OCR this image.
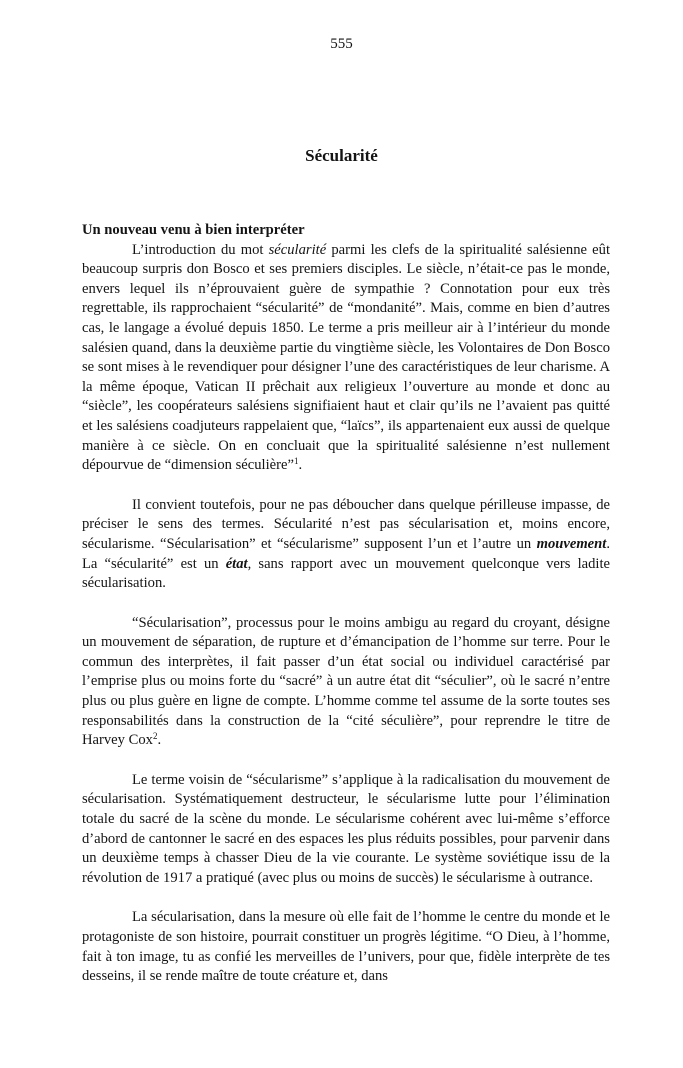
555
Sécularité
Un nouveau venu à bien interpréter

L’introduction du mot sécularité parmi les clefs de la spiritualité salésienne eût beaucoup surpris don Bosco et ses premiers disciples. Le siècle, n’était-ce pas le monde, envers lequel ils n’éprouvaient guère de sympathie ? Connotation pour eux très regrettable, ils rapprochaient “sécularité” de “mondanité”. Mais, comme en bien d’autres cas, le langage a évolué depuis 1850. Le terme a pris meilleur air à l’intérieur du monde salésien quand, dans la deuxième partie du vingtième siècle, les Volontaires de Don Bosco se sont mises à le revendiquer pour désigner l’une des caractéristiques de leur charisme. A la même époque, Vatican II prêchait aux religieux l’ouverture au monde et donc au “siècle”, les coopérateurs salésiens signifiaient haut et clair qu’ils ne l’avaient pas quitté et les salésiens coadjuteurs rappelaient que, “laïcs”, ils appartenaient eux aussi de quelque manière à ce siècle. On en concluait que la spiritualité salésienne n’est nullement dépourvue de “dimension séculière”$^1$.

Il convient toutefois, pour ne pas déboucher dans quelque périlleuse impasse, de préciser le sens des termes. Sécularité n’est pas sécularisation et, moins encore, sécularisme. “Sécularisation” et “sécularisme” supposent l’un et l’autre un mouvement. La “sécularité” est un état, sans rapport avec un mouvement quelconque vers ladite sécularisation.

“Sécularisation”, processus pour le moins ambigu au regard du croyant, désigne un mouvement de séparation, de rupture et d’émancipation de l’homme sur terre. Pour le commun des interprètes, il fait passer d’un état social ou individuel caractérisé par l’emprise plus ou moins forte du “sacré” à un autre état dit “séculier”, où le sacré n’entre plus ou plus guère en ligne de compte. L’homme comme tel assume de la sorte toutes ses responsabilités dans la construction de la “cité séculière”, pour reprendre le titre de Harvey Cox$^2$.

Le terme voisin de “sécularisme” s’applique à la radicalisation du mouvement de sécularisation. Systématiquement destructeur, le sécularisme lutte pour l’élimination totale du sacré de la scène du monde. Le sécularisme cohérent avec lui-même s’efforce d’abord de cantonner le sacré en des espaces les plus réduits possibles, pour parvenir dans un deuxième temps à chasser Dieu de la vie courante. Le système soviétique issu de la révolution de 1917 a pratiqué (avec plus ou moins de succès) le sécularisme à outrance.

La sécularisation, dans la mesure où elle fait de l’homme le centre du monde et le protagoniste de son histoire, pourrait constituer un progrès légitime. “O Dieu, à l’homme, fait à ton image, tu as confié les merveilles de l’univers, pour que, fidèle interprète de tes desseins, il se rende maître de toute créature et, dans
